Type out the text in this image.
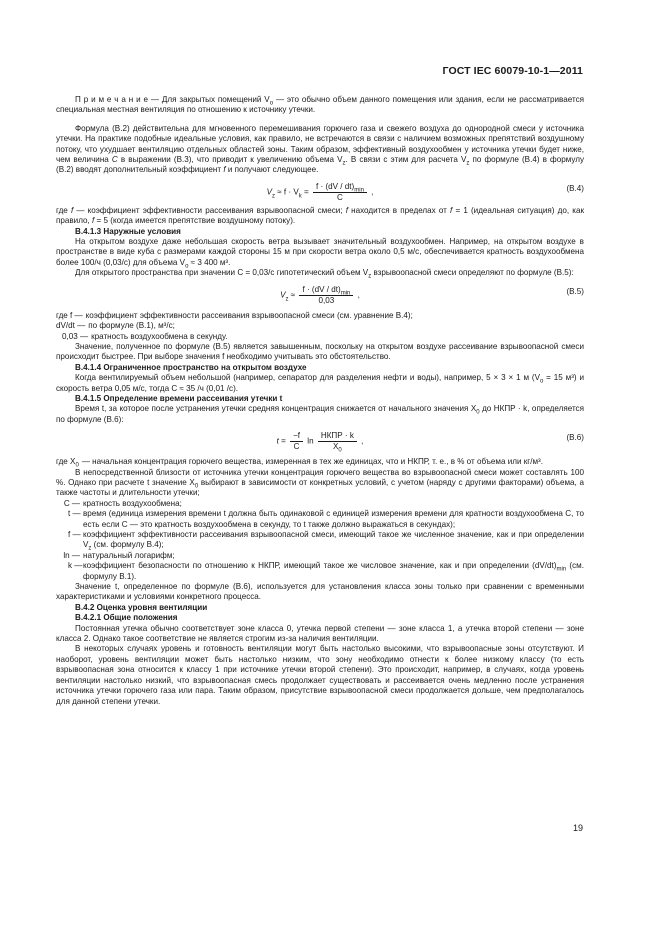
ГОСТ IEC 60079-10-1—2011

П р и м е ч а н и е — Для закрытых помещений $V_o$ — это обычно объем данного помещения или здания, если не рассматривается специальная местная вентиляция по отношению к источнику утечки.

Формула (В.2) действительна для мгновенного перемешивания горючего газа и свежего воздуха до однородной смеси у источника утечки. На практике подобные идеальные условия, как правило, не встречаются в связи с наличием возможных препятствий воздушному потоку, что ухудшает вентиляцию отдельных областей зоны. Таким образом, эффективный воздухообмен у источника утечки будет ниже, чем величина C в выражении (В.3), что приводит к увеличению объема $V_z$. В связи с этим для расчета $V_z$ по формуле (В.4) в формулу (В.2) вводят дополнительный коэффициент f и получают следующее.

$V_z \approx f \cdot V_k = \frac{f \cdot (dV / dt)_{min}}{C}$ ,	(В.4)

где f — коэффициент эффективности рассеивания взрывоопасной смеси; f находится в пределах от f = 1 (идеальная ситуация) до, как правило, f = 5 (когда имеется препятствие воздушному потоку).

В.4.1.3 Наружные условия

На открытом воздухе даже небольшая скорость ветра вызывает значительный воздухообмен. Например, на открытом воздухе в пространстве в виде куба с размерами каждой стороны 15 м при скорости ветра около 0,5 м/с, обеспечивается кратность воздухообмена более 100/ч (0,03/с) для объема $V_o \approx 3$ 400 м³.

Для открытого пространства при значении C = 0,03/с гипотетический объем $V_z$ взрывоопасной смеси определяют по формуле (В.5):

$V_z \approx \frac{f \cdot (dV / dt)_{min}}{0,03}$ ,	(В.5)
где f — коэффициент эффективности рассеивания взрывоопасной смеси (см. уравнение В.4);
dV/dt — по формуле (В.1), м³/с;
0,03 — кратность воздухообмена в секунду.

Значение, полученное по формуле (В.5) является завышенным, поскольку на открытом воздухе рассеивание взрывоопасной смеси происходит быстрее. При выборе значения f необходимо учитывать это обстоятельство.

В.4.1.4 Ограниченное пространство на открытом воздухе

Когда вентилируемый объем небольшой (например, сепаратор для разделения нефти и воды), например, 5 × 3 × 1 м ($V_o = 15$ м³) и скорость ветра 0,05 м/с, тогда C ≈ 35 /ч (0,01 /с).

В.4.1.5 Определение времени рассеивания утечки t

Время t, за которое после устранения утечки средняя концентрация снижается от начального значения $X_0$ до НКПР · k, определяется по формуле (В.6):

$t = \frac{-f}{C}$ $\ln \frac{\text{НКПР · k}}{X_0}$ ,	(В.6)
где $X_0$ — начальная концентрация горючего вещества, измеренная в тех же единицах, что и НКПР, т. е., в % от объема или кг/м³.

В непосредственной близости от источника утечки концентрация горючего вещества во взрывоопасной смеси может составлять 100 %. Однако при расчете t значение $X_0$ выбирают в зависимости от конкретных условий, с учетом (наряду с другими факторами) объема, а также частоты и длительности утечки;

C — кратность воздухообмена;
t — время (единица измерения времени t должна быть одинаковой с единицей измерения времени для кратности воздухообмена C, то есть если C — это кратность воздухообмена в секунду, то t также должно выражаться в секундах);
f — коэффициент эффективности рассеивания взрывоопасной смеси, имеющий такое же численное значение, как и при определении $V_z$ (см. формулу В.4);
ln — натуральный логарифм;
k — коэффициент безопасности по отношению к НКПР, имеющий такое же числовое значение, как и при определении $(dV/dt)_{min}$ (см. формулу В.1).

Значение t, определенное по формуле (В.6), используется для установления класса зоны только при сравнении с временными характеристиками и условиями конкретного процесса.

В.4.2 Оценка уровня вентиляции

В.4.2.1 Общие положения

Постоянная утечка обычно соответствует зоне класса 0, утечка первой степени — зоне класса 1, а утечка второй степени — зоне класса 2. Однако такое соответствие не является строгим из-за наличия вентиляции.

В некоторых случаях уровень и готовность вентиляции могут быть настолько высокими, что взрывоопасные зоны отсутствуют. И наоборот, уровень вентиляции может быть настолько низким, что зону необходимо отнести к более низкому классу (то есть взрывоопасная зона относится к классу 1 при источнике утечки второй степени). Это происходит, например, в случаях, когда уровень вентиляции настолько низкий, что взрывоопасная смесь продолжает существовать и рассеивается очень медленно после устранения источника утечки горючего газа или пара. Таким образом, присутствие взрывоопасной смеси продолжается дольше, чем предполагалось для данной степени утечки.

19
